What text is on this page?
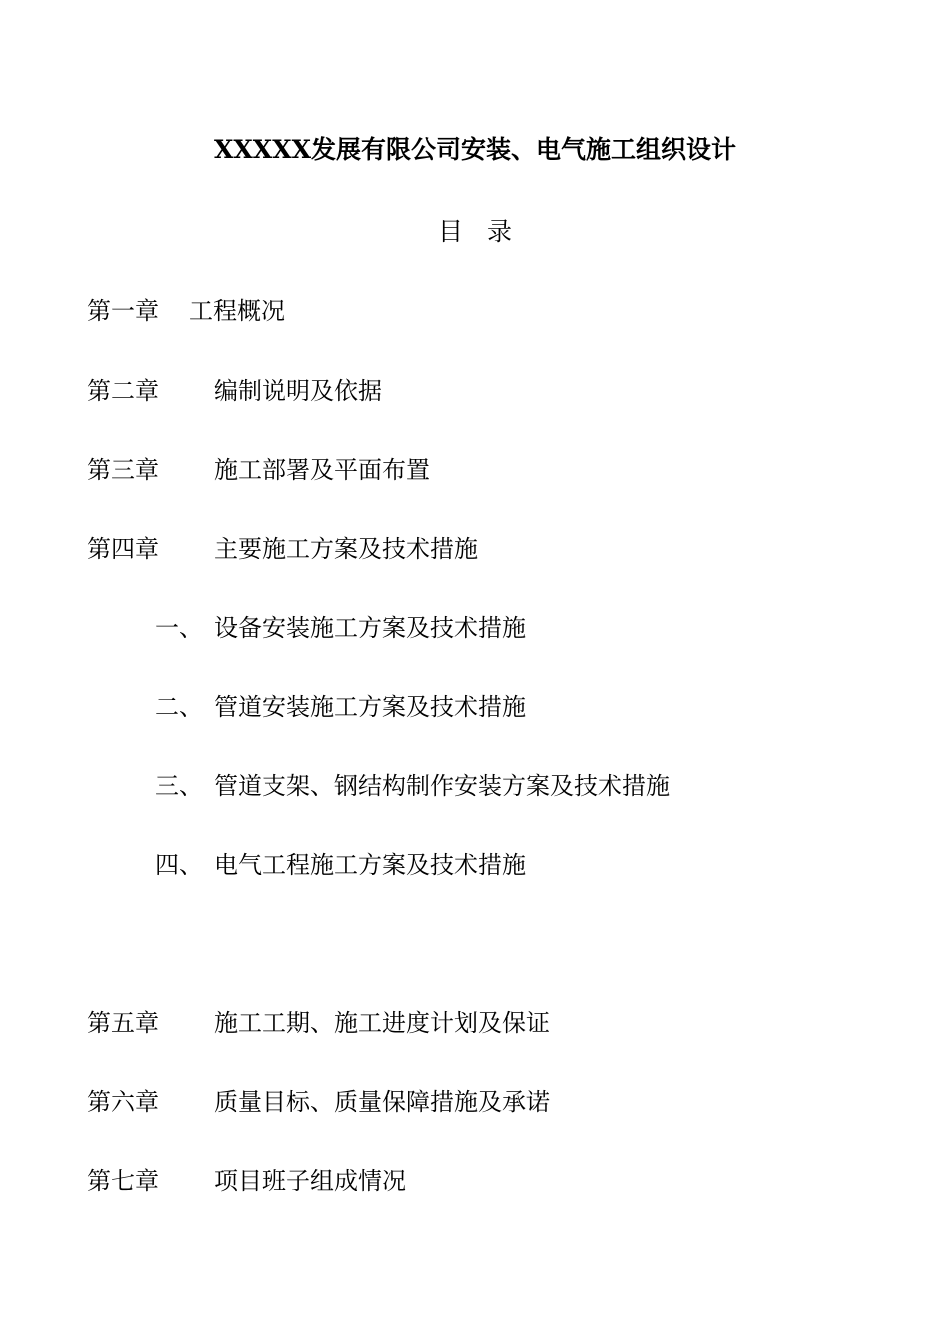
XXXXX发展有限公司安装、电气施工组织设计
目录
第一章 工程概况
第二章 编制说明及依据
第三章 施工部署及平面布置
第四章 主要施工方案及技术措施
一、 设备安装施工方案及技术措施
二、 管道安装施工方案及技术措施
三、 管道支架、钢结构制作安装方案及技术措施
四、 电气工程施工方案及技术措施
第五章 施工工期、施工进度计划及保证
第六章 质量目标、质量保障措施及承诺
第七章 项目班子组成情况
